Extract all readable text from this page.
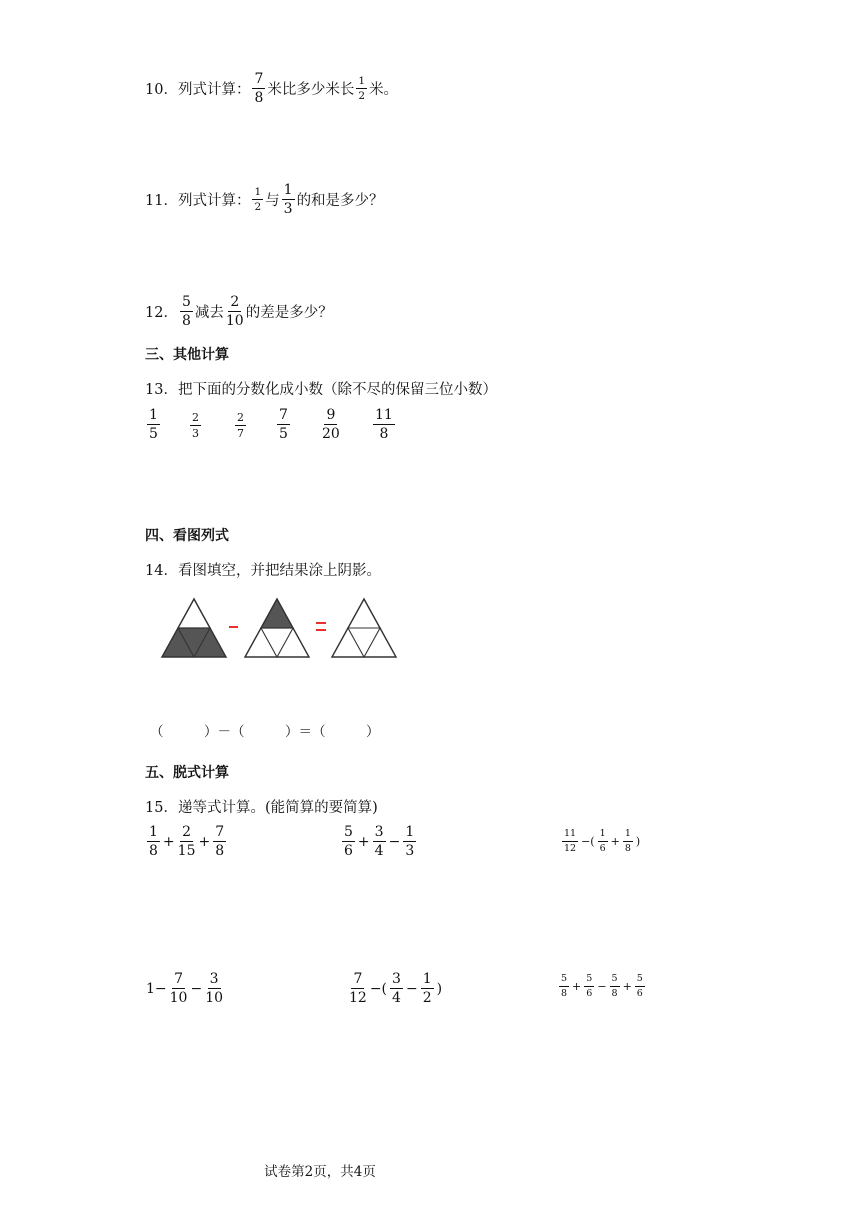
10． 列式计算： $\frac{7}{8}$ 米比多少米长 $\frac{1}{2}$ 米。
11． 列式计算： $\frac{1}{2}$ 与 $\frac{1}{3}$ 的和是多少？
12． $\frac{5}{8}$ 减去 $\frac{2}{10}$ 的差是多少？
三、其他计算
13．把下面的分数化成小数（除不尽的保留三位小数）
$\frac{1}{5}$	$\frac{2}{3}$	$\frac{2}{7} \frac{7}{5} \frac{9}{20} \frac{11}{8}$
四、看图列式
14．看图填空，并把结果涂上阴影。
（　　　）－（　　　）＝（　　　）
五、脱式计算
15．递等式计算。(能简算的要简算)
$\frac{1}{8} + \frac{2}{15} + \frac{7}{8}$	$\frac{5}{6} + \frac{3}{4} - \frac{1}{3}$	$\frac{11}{12}$ −( $\frac{1}{6} + \frac{1}{8}$ )
$1- \frac{7}{10} - \frac{3}{10}$	$\frac{7}{12}$ −( $\frac{3}{4} - \frac{1}{2}$ )	$\frac{5}{8} + \frac{5}{6} - \frac{5}{8} + \frac{5}{6}$
试卷第2页，共4页
